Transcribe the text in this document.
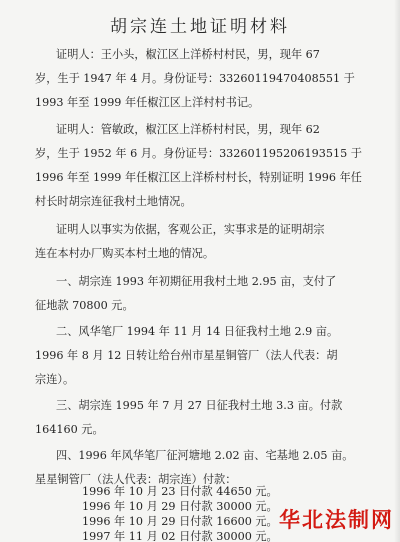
胡宗连土地证明材料
证明人：王小头，椒江区上洋桥村村民，男，现年 67
岁，生于 1947 年 4 月。身份证号：332601194704085​51 于
1993 年至 1999 年任椒江区上洋村村书记。
证明人：管敏政，椒江区上洋桥村村民，男，现年 62
岁，生于 1952 年 6 月。身份证号：33260119520619​3515 于
1996 年至 1999 年任椒江区上洋桥村村长，特别证明 1996 年任
村长时胡宗连征我村土地情况。
证明人以事实为依据，客观公正，实事求是的证明胡宗
连在本村办厂购买本村土地的情况。
一、胡宗连 1993 年初期征用我村土地 2.95 亩，支付了
征地款 70800 元。
二、风华笔厂 1994 年 11 月 14 日征我村土地 2.9 亩。
1996 年 8 月 12 日转让给台州市星星铜管厂（法人代表：胡
宗连）。
三、胡宗连 1995 年 7 月 27 日征我村土地 3.3 亩。付款
164160 元。
四、1996 年风华笔厂征河塘地 2.02 亩、宅基地 2.05 亩。
星星铜管厂（法人代表：胡宗连）付款：
1996 年 10 月 23 日付款 44650 元。
1996 年 10 月 29 日付款 30000 元。
1996 年 10 月 29 日付款 16600 元。
1997 年 11 月 02 日付款 30000 元。
华北法制网
